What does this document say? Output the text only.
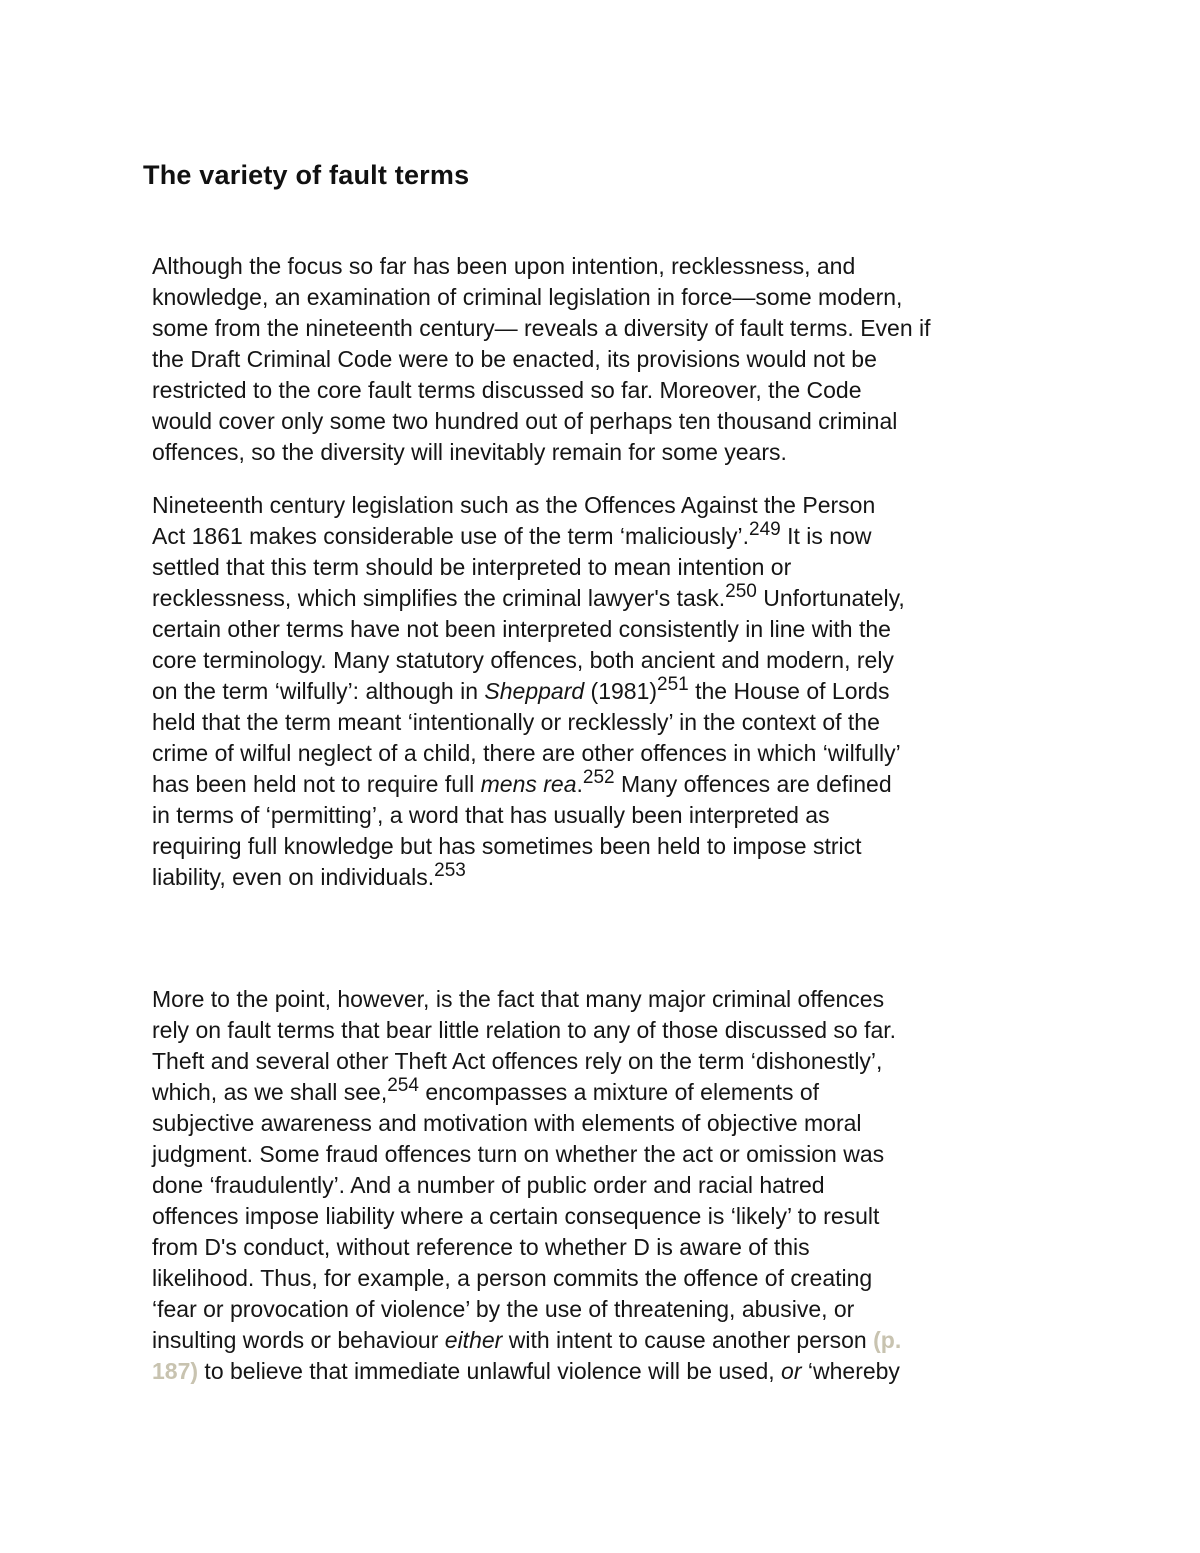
The variety of fault terms

Although the focus so far has been upon intention, recklessness, and
knowledge, an examination of criminal legislation in force—some modern,
some from the nineteenth century— reveals a diversity of fault terms. Even if
the Draft Criminal Code were to be enacted, its provisions would not be
restricted to the core fault terms discussed so far. Moreover, the Code
would cover only some two hundred out of perhaps ten thousand criminal
offences, so the diversity will inevitably remain for some years.

Nineteenth century legislation such as the Offences Against the Person
Act 1861 makes considerable use of the term ‘maliciously’.$^{249}$ It is now
settled that this term should be interpreted to mean intention or
recklessness, which simplifies the criminal lawyer's task.$^{250}$ Unfortunately,
certain other terms have not been interpreted consistently in line with the
core terminology. Many statutory offences, both ancient and modern, rely
on the term ‘wilfully’: although in Sheppard (1981)$^{251}$ the House of Lords
held that the term meant ‘intentionally or recklessly’ in the context of the
crime of wilful neglect of a child, there are other offences in which ‘wilfully’
has been held not to require full mens rea.$^{252}$ Many offences are defined
in terms of ‘permitting’, a word that has usually been interpreted as
requiring full knowledge but has sometimes been held to impose strict
liability, even on individuals.$^{253}$

More to the point, however, is the fact that many major criminal offences
rely on fault terms that bear little relation to any of those discussed so far.
Theft and several other Theft Act offences rely on the term ‘dishonestly’,
which, as we shall see,$^{254}$ encompasses a mixture of elements of
subjective awareness and motivation with elements of objective moral
judgment. Some fraud offences turn on whether the act or omission was
done ‘fraudulently’. And a number of public order and racial hatred
offences impose liability where a certain consequence is ‘likely’ to result
from D's conduct, without reference to whether D is aware of this
likelihood. Thus, for example, a person commits the offence of creating
‘fear or provocation of violence’ by the use of threatening, abusive, or
insulting words or behaviour either with intent to cause another person (p.
187) to believe that immediate unlawful violence will be used, or ‘whereby
